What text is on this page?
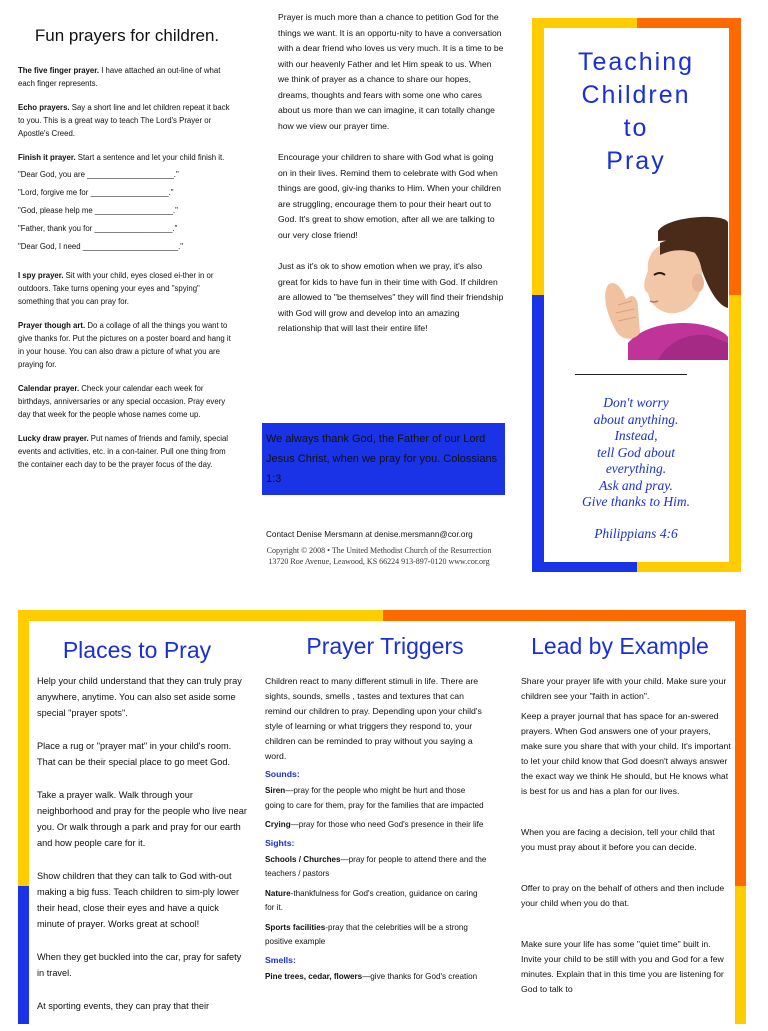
Fun prayers for children.

The five finger prayer. I have attached an out-line of what each finger represents.

Echo prayers. Say a short line and let children repeat it back to you. This is a great way to teach The Lord's Prayer or Apostle's Creed.

Finish it prayer. Start a sentence and let your child finish it.

"Dear God, you are ____________________."

"Lord, forgive me for __________________."

"God, please help me __________________."

"Father, thank you for __________________."

"Dear God, I need ______________________."

I spy prayer. Sit with your child, eyes closed ei-ther in or outdoors. Take turns opening your eyes and "spying" something that you can pray for.

Prayer though art. Do a collage of all the things you want to give thanks for. Put the pictures on a poster board and hang it in your house. You can also draw a picture of what you are praying for.

Calendar prayer. Check your calendar each week for birthdays, anniversaries or any special occasion. Pray every day that week for the people whose names come up.

Lucky draw prayer. Put names of friends and family, special events and activities, etc. in a con-tainer. Pull one thing from the container each day to be the prayer focus of the day.

Prayer is much more than a chance to petition God for the things we want. It is an opportu-nity to have a conversation with a dear friend who loves us very much. It is a time to be with our heavenly Father and let Him speak to us. When we think of prayer as a chance to share our hopes, dreams, thoughts and fears with some one who cares about us more than we can imagine, it can totally change how we view our prayer time.

Encourage your children to share with God what is going on in their lives. Remind them to celebrate with God when things are good, giv-ing thanks to Him. When your children are struggling, encourage them to pour their heart out to God. It's great to show emotion, after all we are talking to our very close friend!

Just as it's ok to show emotion when we pray, it's also great for kids to have fun in their time with God. If children are allowed to "be themselves" they will find their friendship with God will grow and develop into an amazing relationship that will last their entire life!

We always thank God, the Father of our Lord Jesus Christ, when we pray for you. Colossians 1:3
Contact Denise Mersmann at denise.mersmann@cor.org
Copyright © 2008 • The United Methodist Church of the Resurrection
13720 Roe Avenue, Leawood, KS 66224 913-897-0120 www.cor.org
Teaching
Children
to
Pray
Don't worry
about anything.
Instead,
tell God about
everything.
Ask and pray.
Give thanks to Him.
Philippians 4:6
Places to Pray

Help your child understand that they can truly pray anywhere, anytime. You can also set aside some special "prayer spots".

Place a rug or "prayer mat" in your child's room. That can be their special place to go meet God.

Take a prayer walk. Walk through your neighborhood and pray for the people who live near you. Or walk through a park and pray for our earth and how people care for it.

Show children that they can talk to God with-out making a big fuss. Teach children to sim-ply lower their head, close their eyes and have a quick minute of prayer. Works great at school!

When they get buckled into the car, pray for safety in travel.

At sporting events, they can pray that their

Prayer Triggers

Children react to many different stimuli in life. There are sights, sounds, smells , tastes and textures that can remind our children to pray. Depending upon your child's style of learning or what triggers they respond to, your children can be reminded to pray without you saying a word.

Sounds:

Siren—pray for the people who might be hurt and those going to care for them, pray for the families that are impacted

Crying—pray for those who need God's presence in their life

Sights:

Schools / Churches—pray for people to attend there and the teachers / pastors

Nature-thankfulness for God's creation, guidance on caring for it.

Sports facilities-pray that the celebrities will be a strong positive example

Smells:

Pine trees, cedar, flowers—give thanks for God's creation

Lead by Example

Share your prayer life with your child. Make sure your children see your "faith in action".

Keep a prayer journal that has space for an-swered prayers. When God answers one of your prayers, make sure you share that with your child. It's important to let your child know that God doesn't always answer the exact way we think He should, but He knows what is best for us and has a plan for our lives.

When you are facing a decision, tell your child that you must pray about it before you can decide.

Offer to pray on the behalf of others and then include your child when you do that.

Make sure your life has some "quiet time" built in. Invite your child to be still with you and God for a few minutes. Explain that in this time you are listening for God to talk to
